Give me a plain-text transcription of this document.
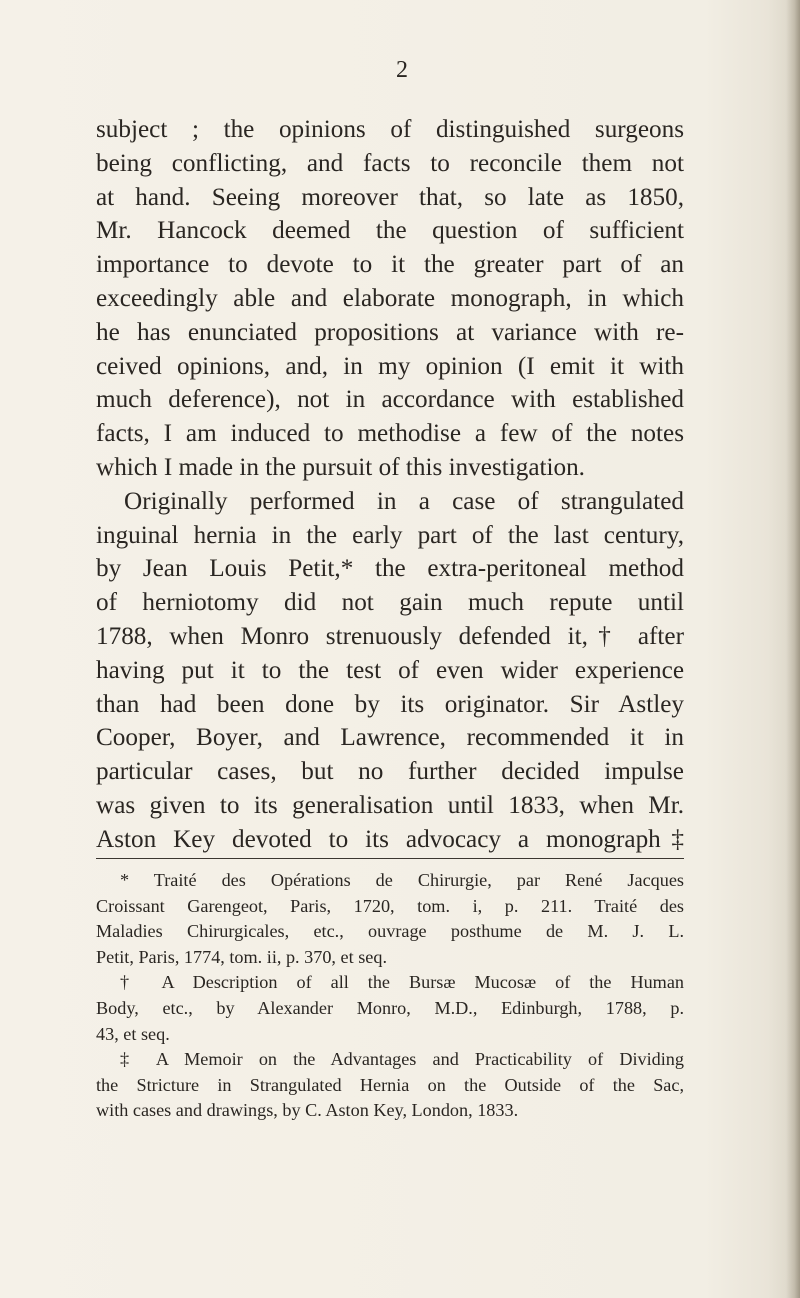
2
subject ; the opinions of distinguished surgeons
being conflicting, and facts to reconcile them not
at hand. Seeing moreover that, so late as 1850,
Mr. Hancock deemed the question of sufficient
importance to devote to it the greater part of an
exceedingly able and elaborate monograph, in which
he has enunciated propositions at variance with re-
ceived opinions, and, in my opinion (I emit it with
much deference), not in accordance with established
facts, I am induced to methodise a few of the notes
which I made in the pursuit of this investigation.
Originally performed in a case of strangulated
inguinal hernia in the early part of the last century,
by Jean Louis Petit,* the extra-peritoneal method
of herniotomy did not gain much repute until
1788, when Monro strenuously defended it,† after
having put it to the test of even wider experience
than had been done by its originator. Sir Astley
Cooper, Boyer, and Lawrence, recommended it in
particular cases, but no further decided impulse
was given to its generalisation until 1833, when Mr.
Aston Key devoted to its advocacy a monograph‡
* Traité des Opérations de Chirurgie, par René Jacques
Croissant Garengeot, Paris, 1720, tom. i, p. 211. Traité des
Maladies Chirurgicales, etc., ouvrage posthume de M. J. L.
Petit, Paris, 1774, tom. ii, p. 370, et seq.
† A Description of all the Bursæ Mucosæ of the Human
Body, etc., by Alexander Monro, M.D., Edinburgh, 1788, p.
43, et seq.
‡ A Memoir on the Advantages and Practicability of Dividing
the Stricture in Strangulated Hernia on the Outside of the Sac,
with cases and drawings, by C. Aston Key, London, 1833.
